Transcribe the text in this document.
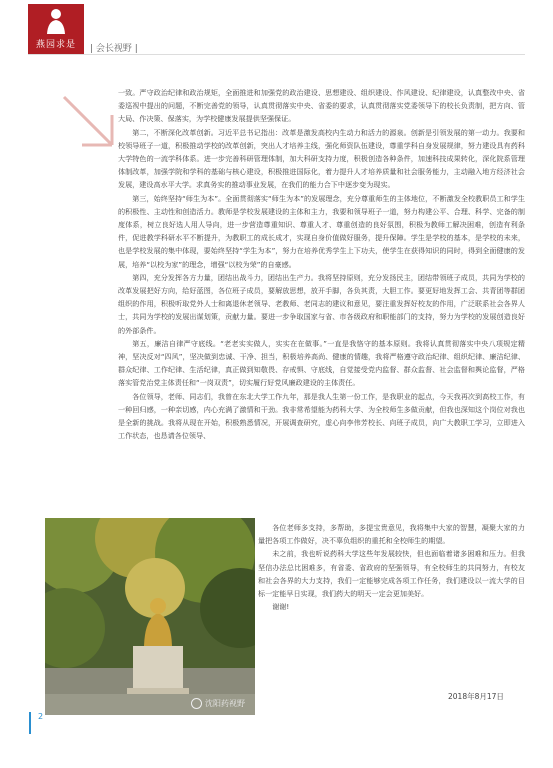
燕园求是 | 会长视野 |

一致。严守政治纪律和政治规矩，全面推进和加强党的政治建设、思想建设、组织建设、作风建设、纪律建设，认真整改中央、省委巡视中提出的问题，不断完善党的领导，认真贯彻落实中央、省委的要求，认真贯彻落实党委领导下的校长负责制，把方向、管大局、作决策、保落实，为学校健康发展提供坚强保证。

第二，不断深化改革创新。习近平总书记指出：改革是激发高校内生动力和活力的源泉。创新是引领发展的第一动力。我要和校领导班子一道，积极推动学校的改革创新，突出人才培养主线，强化师资队伍建设，尊重学科自身发展规律，努力建设具有药科大学特色的一流学科体系。进一步完善科研管理体制，加大科研支持力度，积极创造各种条件，加速科技成果转化，深化院系管理体制改革，加强学院和学科的基础与核心建设，积极推进国际化，着力提升人才培养质量和社会服务能力，主动融入地方经济社会发展，建设高水平大学。求真务实的推动事业发展，在我们的能力合下中逐步变为现实。

第三，始终坚持“师生为本”。全面贯彻落实“师生为本”的发展理念，充分尊重师生的主体地位，不断激发全校教职员工和学生的积极性、主动性和创造活力。教师是学校发展建设的主体和主力，我要和领导班子一道，努力构建公平、合理、科学、完备的制度体系，树立良好选人用人导向，进一步营造尊重知识、尊重人才、尊重创造的良好氛围，积极为教师工解决困难，创造有利条件，促进教学科研水平不断提升，为教职工的成长成才，实现自身价值做好服务，提升保障。学生是学校的基本，是学校的未来，也是学校发展的集中体现，要始终坚持“学生为本”，努力在培养优秀学生上下功夫，使学生在获得知识的同时，得到全面健康的发展，培养“以校为家”的理念，增强“以校为荣”的自豪感。

第四，充分发挥各方力量，团结出战斗力，团结出生产力。我将坚持原则，充分发扬民主，团结带领班子成员，共同为学校的改革发展把好方向，给好蓝图，各位班子成员，要解放思想，放开手脚，各负其责，大胆工作。要更好地发挥工会、共青团等群团组织的作用，积极听取党外人士和离退休老领导、老教师、老同志的建议和意见，要注重发挥好校友的作用，广泛联系社会各界人士，共同为学校的发展出谋划策，贡献力量。要进一步争取国家与省、市各级政府和职能部门的支持，努力为学校的发展创造良好的外部条件。

第五，廉洁自律严守底线。“老老实实做人，实实在在做事。”一直是我恪守的基本原则。我将认真贯彻落实中央八项规定精神，坚决反对“四风”，坚决做到忠诚、干净、担当，积极培养高尚、健康的情趣，我将严格遵守政治纪律、组织纪律、廉洁纪律、群众纪律、工作纪律、生活纪律，真正做到知敬畏、存戒惧、守底线，自觉接受党内监督、群众监督、社会监督和舆论监督，严格落实管党治党主体责任和“一岗双责”，切实履行好党风廉政建设的主体责任。

各位领导，老师、同志们，我曾在东北大学工作九年，那是我人生第一份工作，是我职业的起点，今天我再次到高校工作，有一种回归感，一种亲切感，内心充满了激情和干劲。我非常希望能为药科大学、为全校师生多做贡献，但我也深知这个岗位对我也是全新的挑战。我将从现在开始，积极熟悉情况，开展调查研究，虚心向李伟芳校长、向班子成员，向广大教职工学习，立即进入工作状态，也恳请各位领导、

沈阳药视野

各位老师多支持，多帮助，多提宝贵意见，我将集中大家的智慧，凝聚大家的力量把各项工作做好，决不辜负组织的重托和全校师生的期望。

未之前，我也听说药科大学这些年发展较快，但也面临着诸多困难和压力。但我坚信办法总比困难多，有省委、省政府的坚强领导，有全校师生的共同努力，有校友和社会各界的大力支持，我们一定能够完成各项工作任务，我们建设以一流大学的目标一定能早日实现，我们药大的明天一定会更加美好。

谢谢!

2018年8月17日
2
